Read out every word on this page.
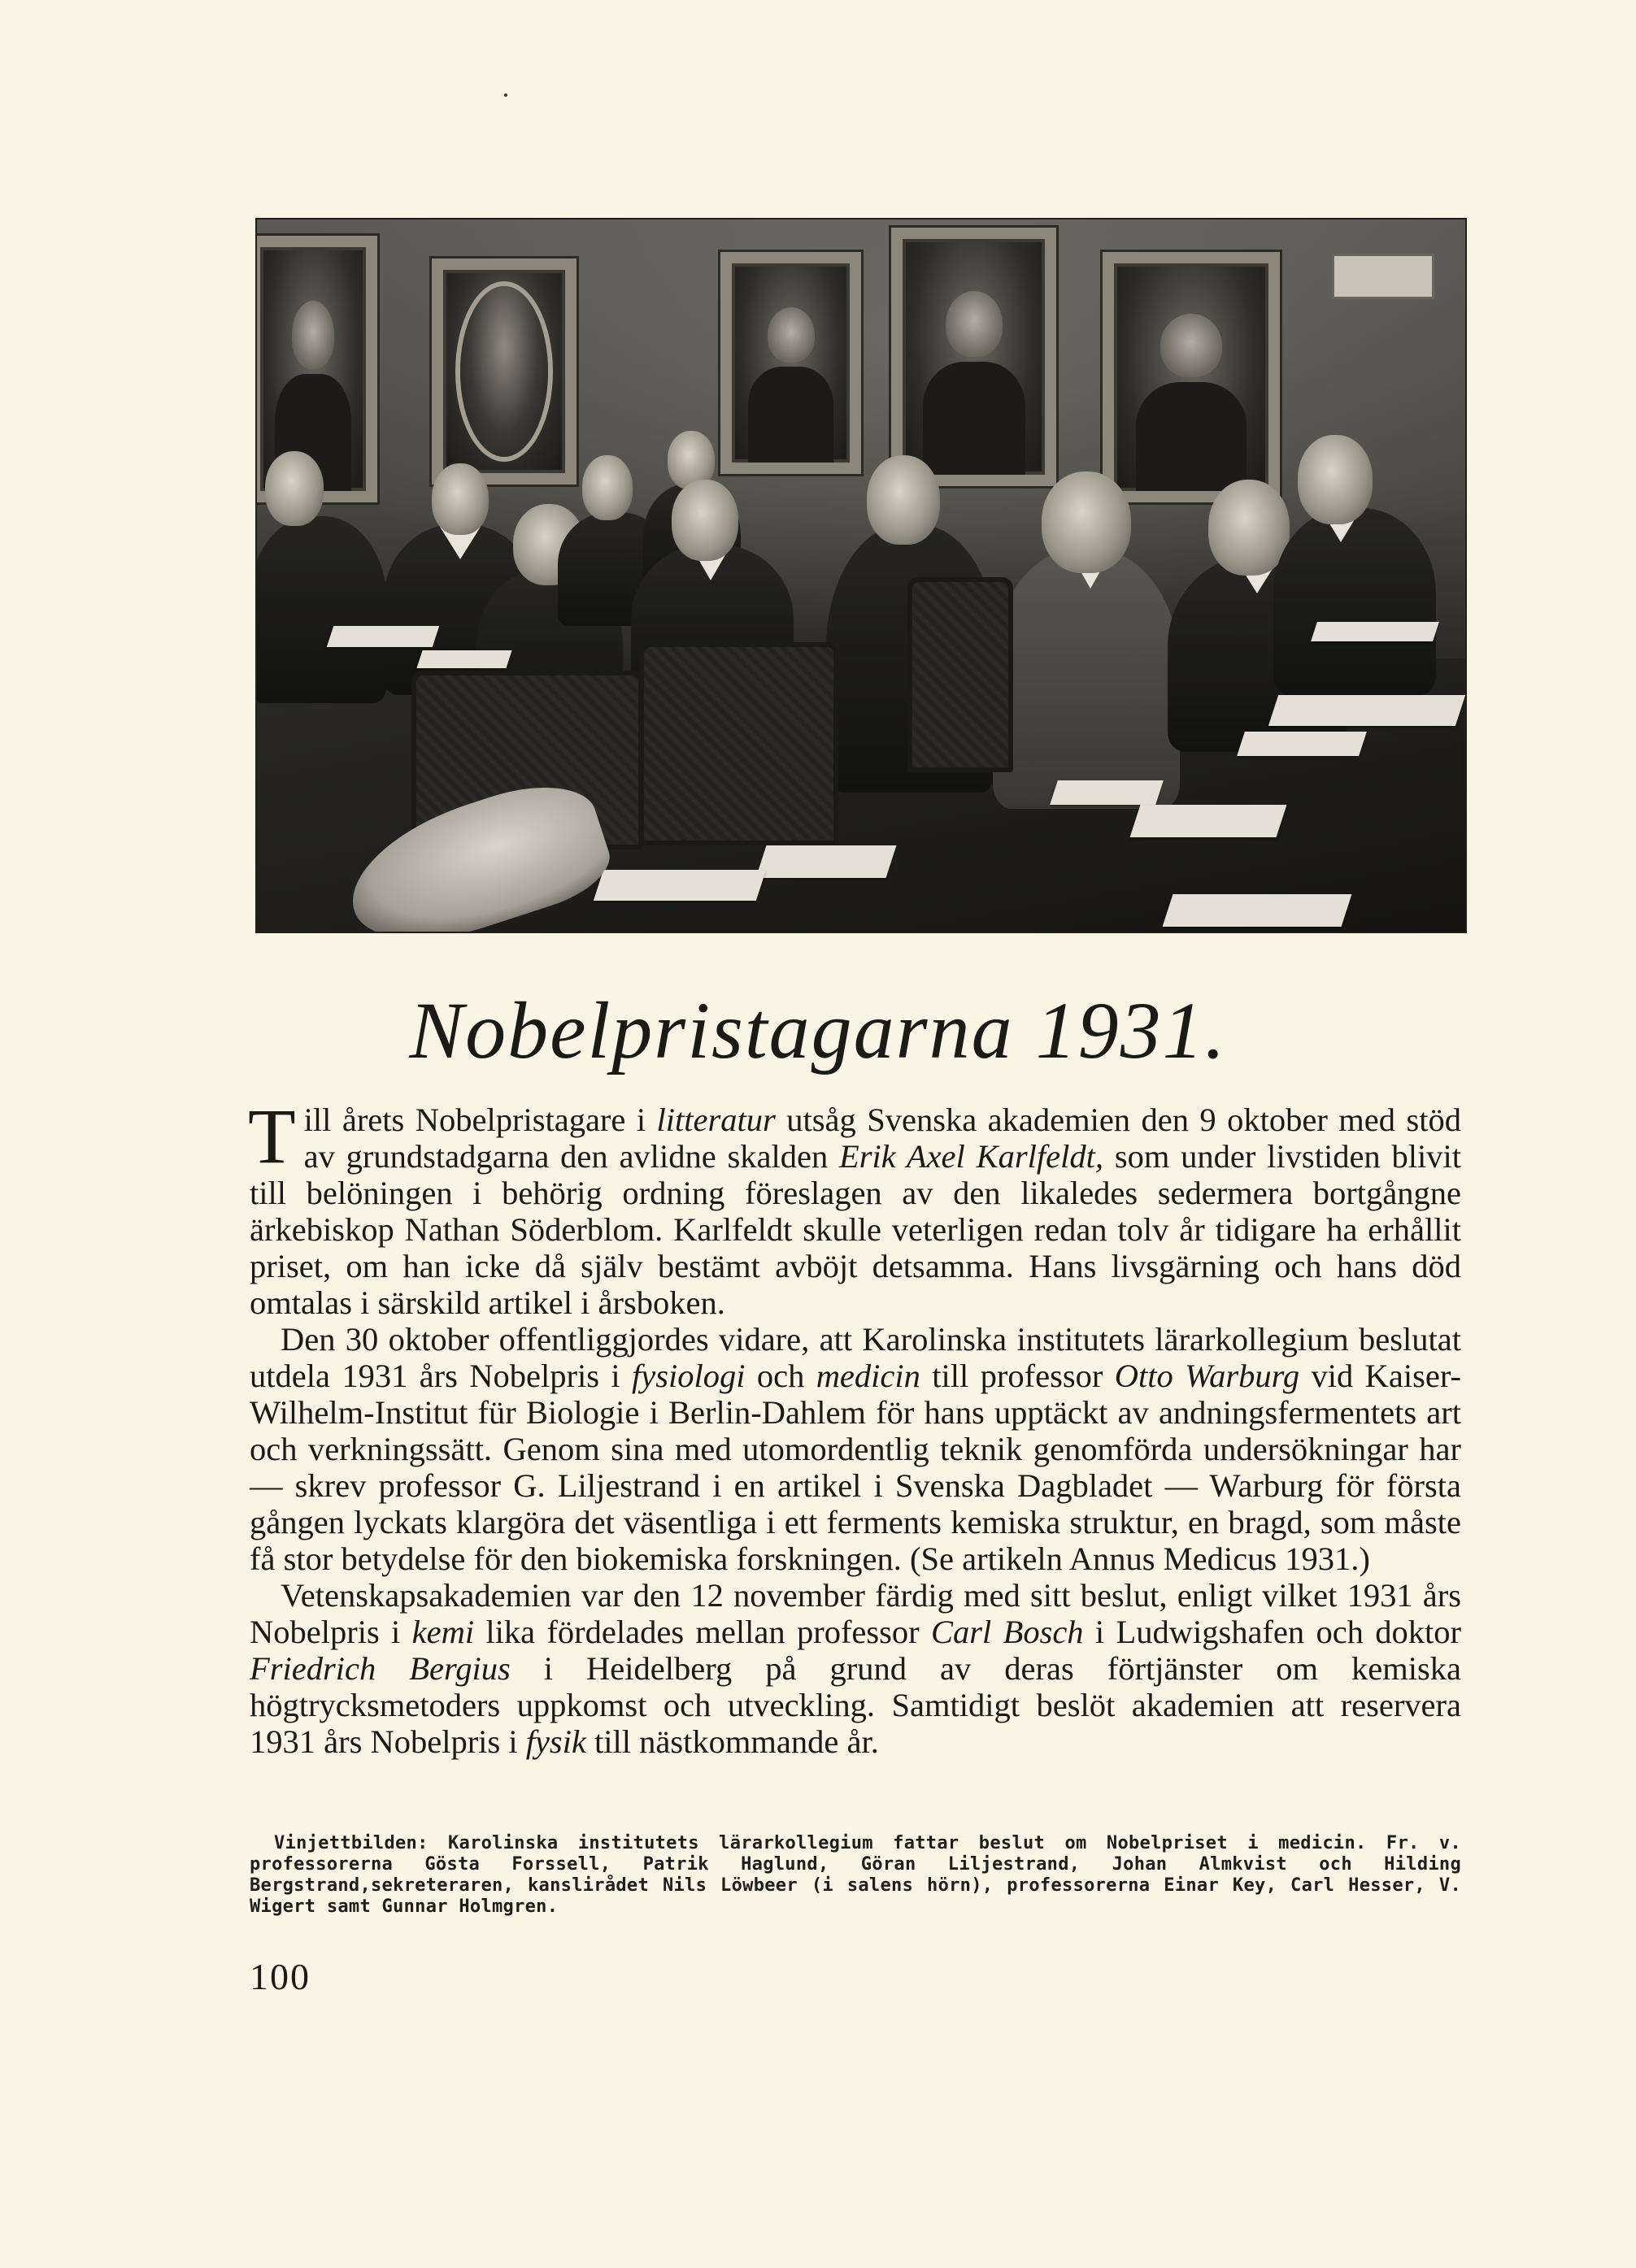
Nobelpristagarna 1931.

Till årets Nobelpristagare i litteratur utsåg Svenska akademien den 9 oktober med stöd av grundstadgarna den avlidne skalden Erik Axel Karlfeldt, som under livstiden blivit till belöningen i behörig ordning föreslagen av den likaledes sedermera bortgångne ärkebiskop Nathan Söderblom. Karlfeldt skulle veterligen redan tolv år tidigare ha erhållit priset, om han icke då själv bestämt avböjt detsamma. Hans livsgärning och hans död omtalas i särskild artikel i årsboken.

Den 30 oktober offentliggjordes vidare, att Karolinska institutets lärarkollegium beslutat utdela 1931 års Nobelpris i fysiologi och medicin till professor Otto Warburg vid Kaiser-Wilhelm-Institut für Biologie i Berlin-Dahlem för hans upptäckt av andningsfermentets art och verkningssätt. Genom sina med utomordentlig teknik genomförda undersökningar har — skrev professor G. Liljestrand i en artikel i Svenska Dagbladet — Warburg för första gången lyckats klargöra det väsentliga i ett ferments kemiska struktur, en bragd, som måste få stor betydelse för den biokemiska forskningen. (Se artikeln Annus Medicus 1931.)

Vetenskapsakademien var den 12 november färdig med sitt beslut, enligt vilket 1931 års Nobelpris i kemi lika fördelades mellan professor Carl Bosch i Ludwigshafen och doktor Friedrich Bergius i Heidelberg på grund av deras förtjänster om kemiska högtrycksmetoders uppkomst och utveckling. Samtidigt beslöt akademien att reservera 1931 års Nobelpris i fysik till nästkommande år.

Vinjettbilden: Karolinska institutets lärarkollegium fattar beslut om Nobelpriset i medicin. Fr. v. professorerna Gösta Forssell, Patrik Haglund, Göran Liljestrand, Johan Almkvist och Hilding Bergstrand,sekreteraren, kanslirådet Nils Löwbeer (i salens hörn), professorerna Einar Key, Carl Hesser, V. Wigert samt Gunnar Holmgren.
100
